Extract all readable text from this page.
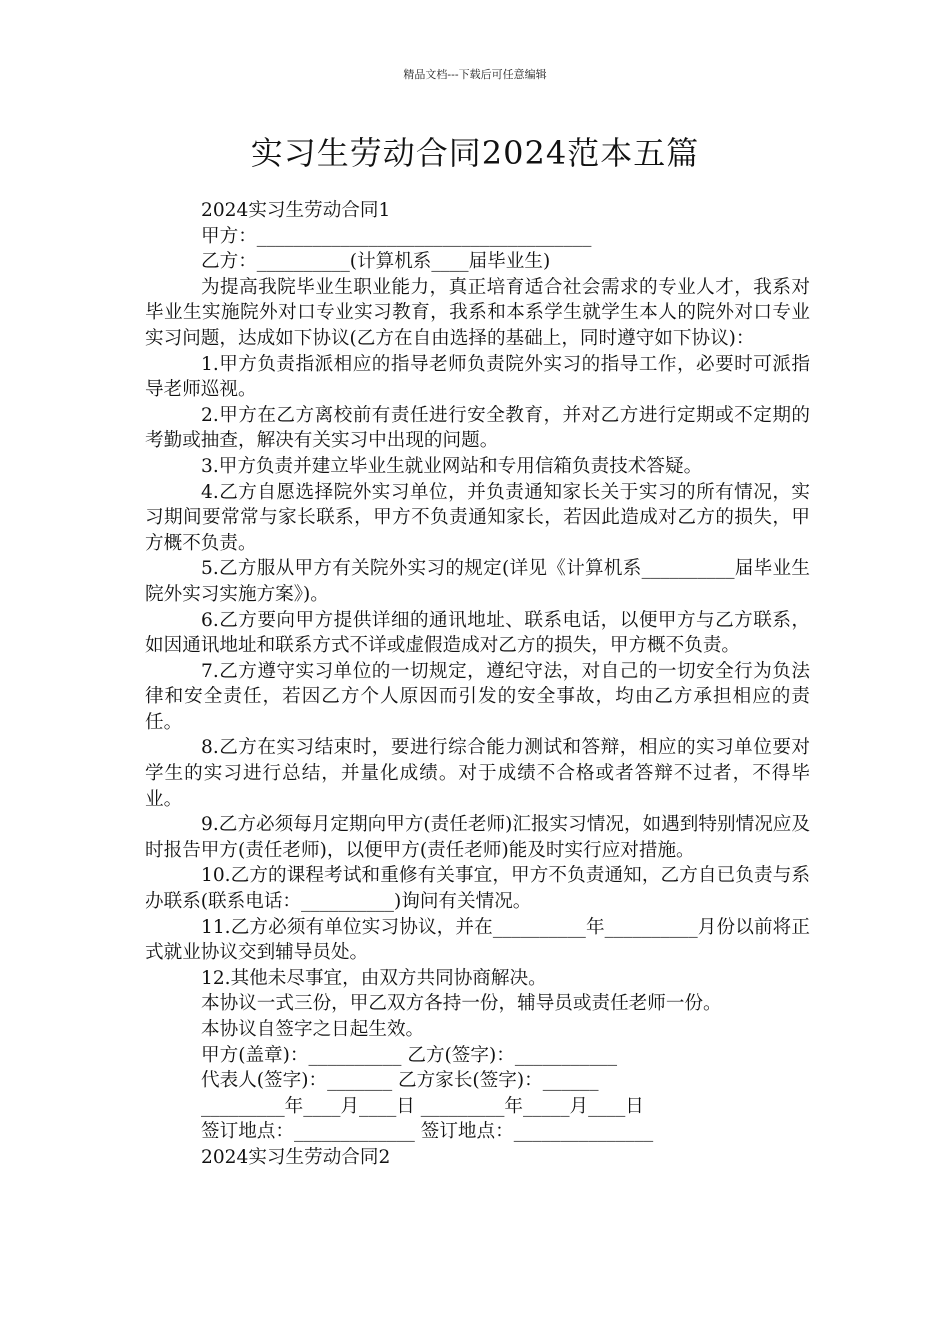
精品文档---下载后可任意编辑
实习生劳动合同2024范本五篇
2024实习生劳动合同1
甲方：____________________________________
乙方：__________(计算机系____届毕业生)

为提高我院毕业生职业能力，真正培育适合社会需求的专业人才，我系对毕业生实施院外对口专业实习教育，我系和本系学生就学生本人的院外对口专业实习问题，达成如下协议(乙方在自由选择的基础上，同时遵守如下协议)：

1.甲方负责指派相应的指导老师负责院外实习的指导工作，必要时可派指导老师巡视。

2.甲方在乙方离校前有责任进行安全教育，并对乙方进行定期或不定期的考勤或抽查，解决有关实习中出现的问题。

3.甲方负责并建立毕业生就业网站和专用信箱负责技术答疑。

4.乙方自愿选择院外实习单位，并负责通知家长关于实习的所有情况，实习期间要常常与家长联系，甲方不负责通知家长，若因此造成对乙方的损失，甲方概不负责。

5.乙方服从甲方有关院外实习的规定(详见《计算机系__________届毕业生院外实习实施方案》)。

6.乙方要向甲方提供详细的通讯地址、联系电话，以便甲方与乙方联系，如因通讯地址和联系方式不详或虚假造成对乙方的损失，甲方概不负责。

7.乙方遵守实习单位的一切规定，遵纪守法，对自己的一切安全行为负法律和安全责任，若因乙方个人原因而引发的安全事故，均由乙方承担相应的责任。

8.乙方在实习结束时，要进行综合能力测试和答辩，相应的实习单位要对学生的实习进行总结，并量化成绩。对于成绩不合格或者答辩不过者，不得毕业。

9.乙方必须每月定期向甲方(责任老师)汇报实习情况，如遇到特别情况应及时报告甲方(责任老师)，以便甲方(责任老师)能及时实行应对措施。

10.乙方的课程考试和重修有关事宜，甲方不负责通知，乙方自已负责与系办联系(联系电话：__________)询问有关情况。

11.乙方必须有单位实习协议，并在__________年__________月份以前将正式就业协议交到辅导员处。

12.其他未尽事宜，由双方共同协商解决。
本协议一式三份，甲乙双方各持一份，辅导员或责任老师一份。
本协议自签字之日起生效。
甲方(盖章)：__________ 乙方(签字)：___________
代表人(签字)：_______ 乙方家长(签字)：______
_________年____月____日 _________年_____月____日
签订地点：_____________ 签订地点：_______________
2024实习生劳动合同2
